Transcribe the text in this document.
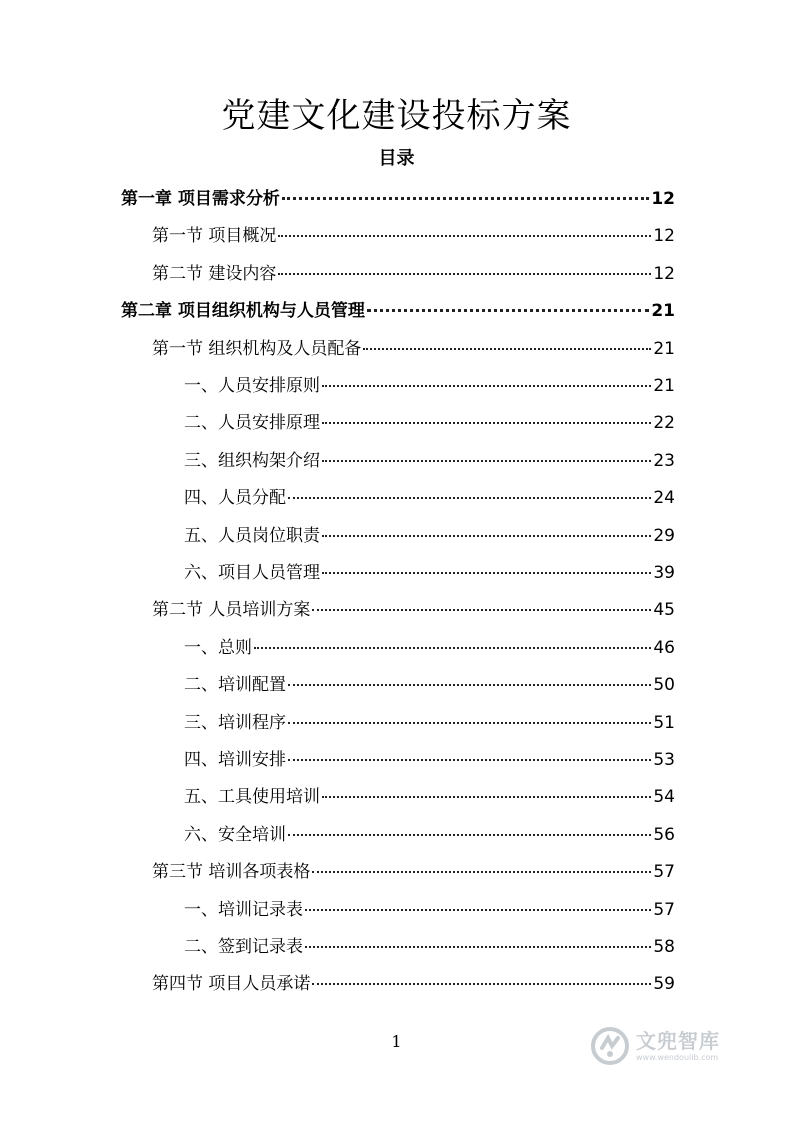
党建文化建设投标方案
目录
第一章 项目需求分析	12
第一节 项目概况	12
第二节 建设内容	12
第二章 项目组织机构与人员管理	21
第一节 组织机构及人员配备	21
一、人员安排原则	21
二、人员安排原理	22
三、组织构架介绍	23
四、人员分配	24
五、人员岗位职责	29
六、项目人员管理	39
第二节 人员培训方案	45
一、总则	46
二、培训配置	50
三、培训程序	51
四、培训安排	53
五、工具使用培训	54
六、安全培训	56
第三节 培训各项表格	57
一、培训记录表	57
二、签到记录表	58
第四节 项目人员承诺	59
1	文兜智库
www.wendoulib.com
